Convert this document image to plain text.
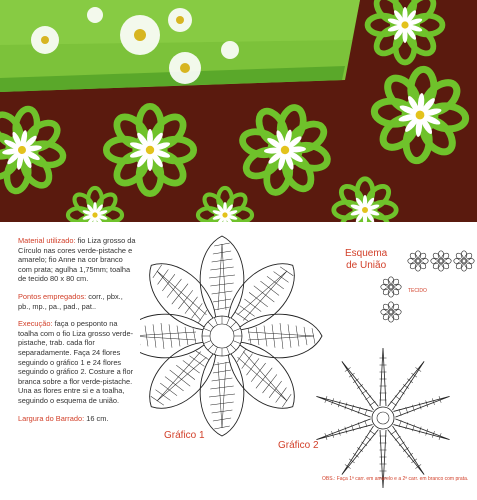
Material utilizado: fio Liza grosso da Círculo nas cores verde-pistache e amarelo; fio Anne na cor branco com prata; agulha 1,75mm; toalha de tecido 80 x 80 cm.

Pontos empregados: corr., pbx., pb., mp., pa., pad., pat..

Execução: faça o pesponto na toalha com o fio Liza grosso verde-pistache, trab. cada flor separadamente. Faça 24 flores seguindo o gráfico 1 e 24 flores seguindo o gráfico 2. Costure a flor branca sobre a flor verde-pistache. Una as flores entre si e a toalha, seguindo o esquema de união.

Largura do Barrado: 16 cm.

Gráfico 1
Gráfico 2
Esquema
de União
TECIDO
OBS.: Faça 1ª carr. em amarelo e a 2ª carr. em branco com prata.
